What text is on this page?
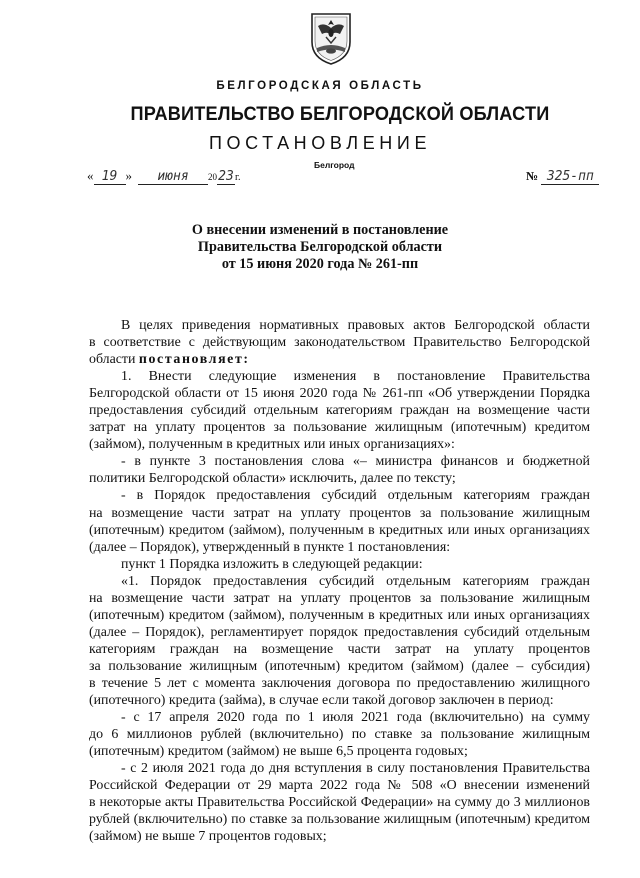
БЕЛГОРОДСКАЯ ОБЛАСТЬ
ПРАВИТЕЛЬСТВО БЕЛГОРОДСКОЙ ОБЛАСТИ
ПОСТАНОВЛЕНИЕ
Белгород
« 19 »	июня	2023г.	№ 325-пп
О внесении изменений в постановление
Правительства Белгородской области
от 15 июня 2020 года № 261-пп

В целях приведения нормативных правовых актов Белгородской области

в соответствие с действующим законодательством Правительство Белгородской

области постановляет:

1. Внести следующие изменения в постановление Правительства

Белгородской области от 15 июня 2020 года № 261-пп «Об утверждении Порядка

предоставления субсидий отдельным категориям граждан на возмещение части

затрат на уплату процентов за пользование жилищным (ипотечным) кредитом

(займом), полученным в кредитных или иных организациях»:

- в пункте 3 постановления слова «– министра финансов и бюджетной

политики Белгородской области» исключить, далее по тексту;

- в Порядок предоставления субсидий отдельным категориям граждан

на возмещение части затрат на уплату процентов за пользование жилищным

(ипотечным) кредитом (займом), полученным в кредитных или иных организациях

(далее – Порядок), утвержденный в пункте 1 постановления:

пункт 1 Порядка изложить в следующей редакции:

«1. Порядок предоставления субсидий отдельным категориям граждан

на возмещение части затрат на уплату процентов за пользование жилищным

(ипотечным) кредитом (займом), полученным в кредитных или иных организациях

(далее – Порядок), регламентирует порядок предоставления субсидий отдельным

категориям граждан на возмещение части затрат на уплату процентов

за пользование жилищным (ипотечным) кредитом (займом) (далее – субсидия)

в течение 5 лет с момента заключения договора по предоставлению жилищного

(ипотечного) кредита (займа), в случае если такой договор заключен в период:

- с 17 апреля 2020 года по 1 июля 2021 года (включительно) на сумму

до 6 миллионов рублей (включительно) по ставке за пользование жилищным

(ипотечным) кредитом (займом) не выше 6,5 процента годовых;

- с 2 июля 2021 года до дня вступления в силу постановления Правительства

Российской Федерации от 29 марта 2022 года № 508 «О внесении изменений

в некоторые акты Правительства Российской Федерации» на сумму до 3 миллионов

рублей (включительно) по ставке за пользование жилищным (ипотечным) кредитом

(займом) не выше 7 процентов годовых;
